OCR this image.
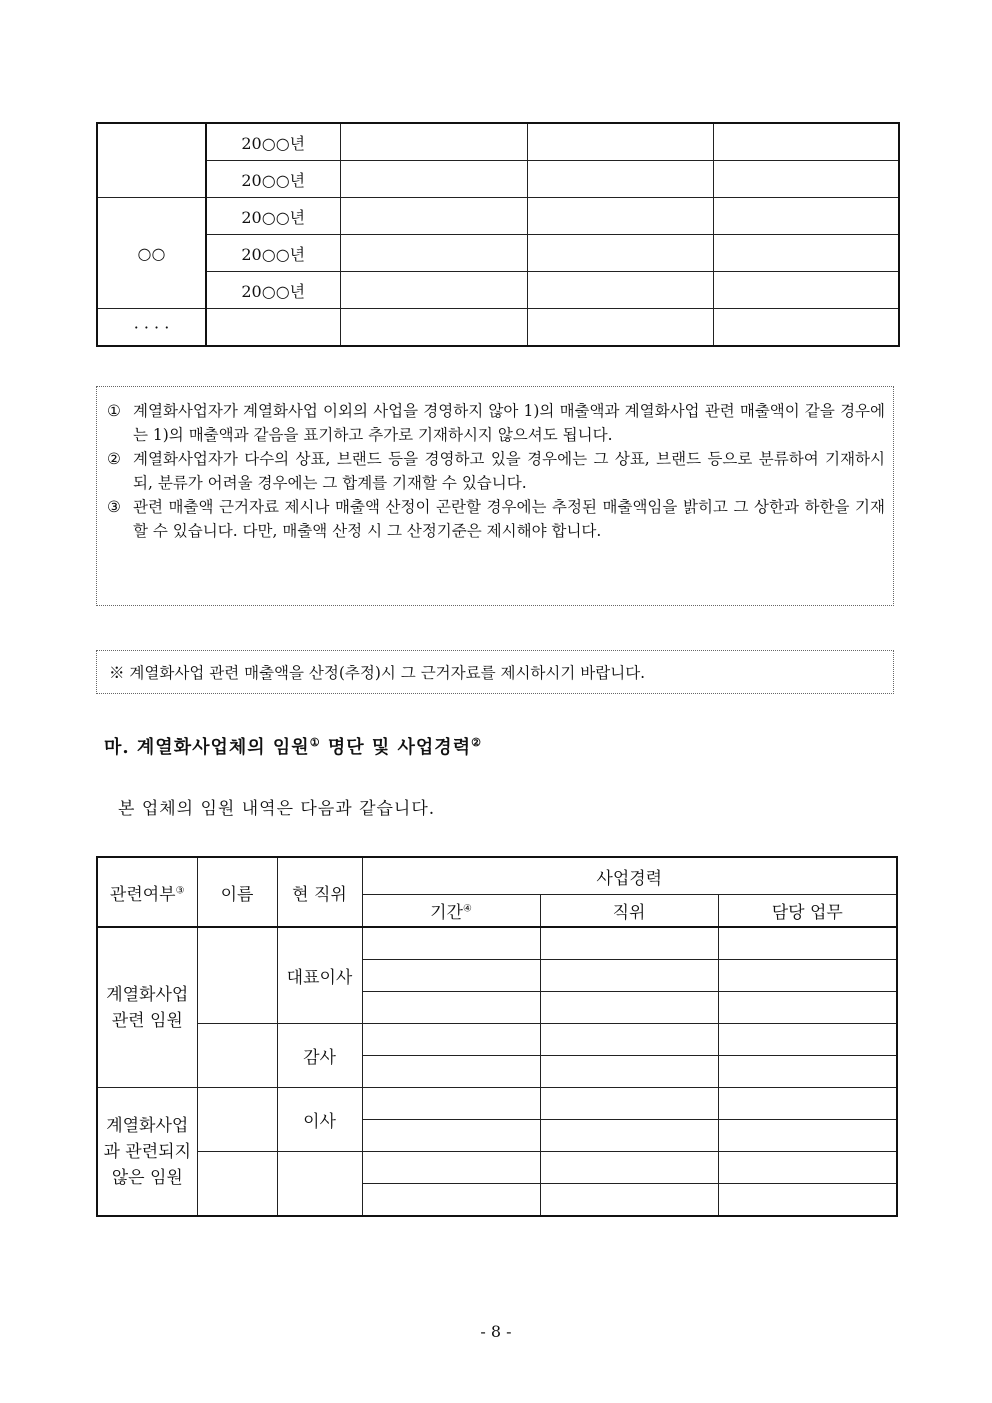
	20○○년			
	20○○년			
○○	20○○년			
	20○○년			
	20○○년			
· · · ·				
① 계열화사업자가 계열화사업 이외의 사업을 경영하지 않아 1)의 매출액과 계열화사업 관련 매출액이 같을 경우에는 1)의 매출액과 같음을 표기하고 추가로 기재하시지 않으셔도 됩니다.
② 계열화사업자가 다수의 상표, 브랜드 등을 경영하고 있을 경우에는 그 상표, 브랜드 등으로 분류하여 기재하시되, 분류가 어려울 경우에는 그 합계를 기재할 수 있습니다.
③ 관련 매출액 근거자료 제시나 매출액 산정이 곤란할 경우에는 추정된 매출액임을 밝히고 그 상한과 하한을 기재할 수 있습니다. 다만, 매출액 산정 시 그 산정기준은 제시해야 합니다.
※ 계열화사업 관련 매출액을 산정(추정)시 그 근거자료를 제시하시기 바랍니다.
마. 계열화사업체의 임원① 명단 및 사업경력②
본 업체의 임원 내역은 다음과 같습니다.
관련여부③	이름	현 직위	사업경력		
			기간④	직위	담당 업무
계열화사업 관련 임원		대표이사			

		감사			

계열화사업과 관련되지 않은 임원		이사			

- 8 -
